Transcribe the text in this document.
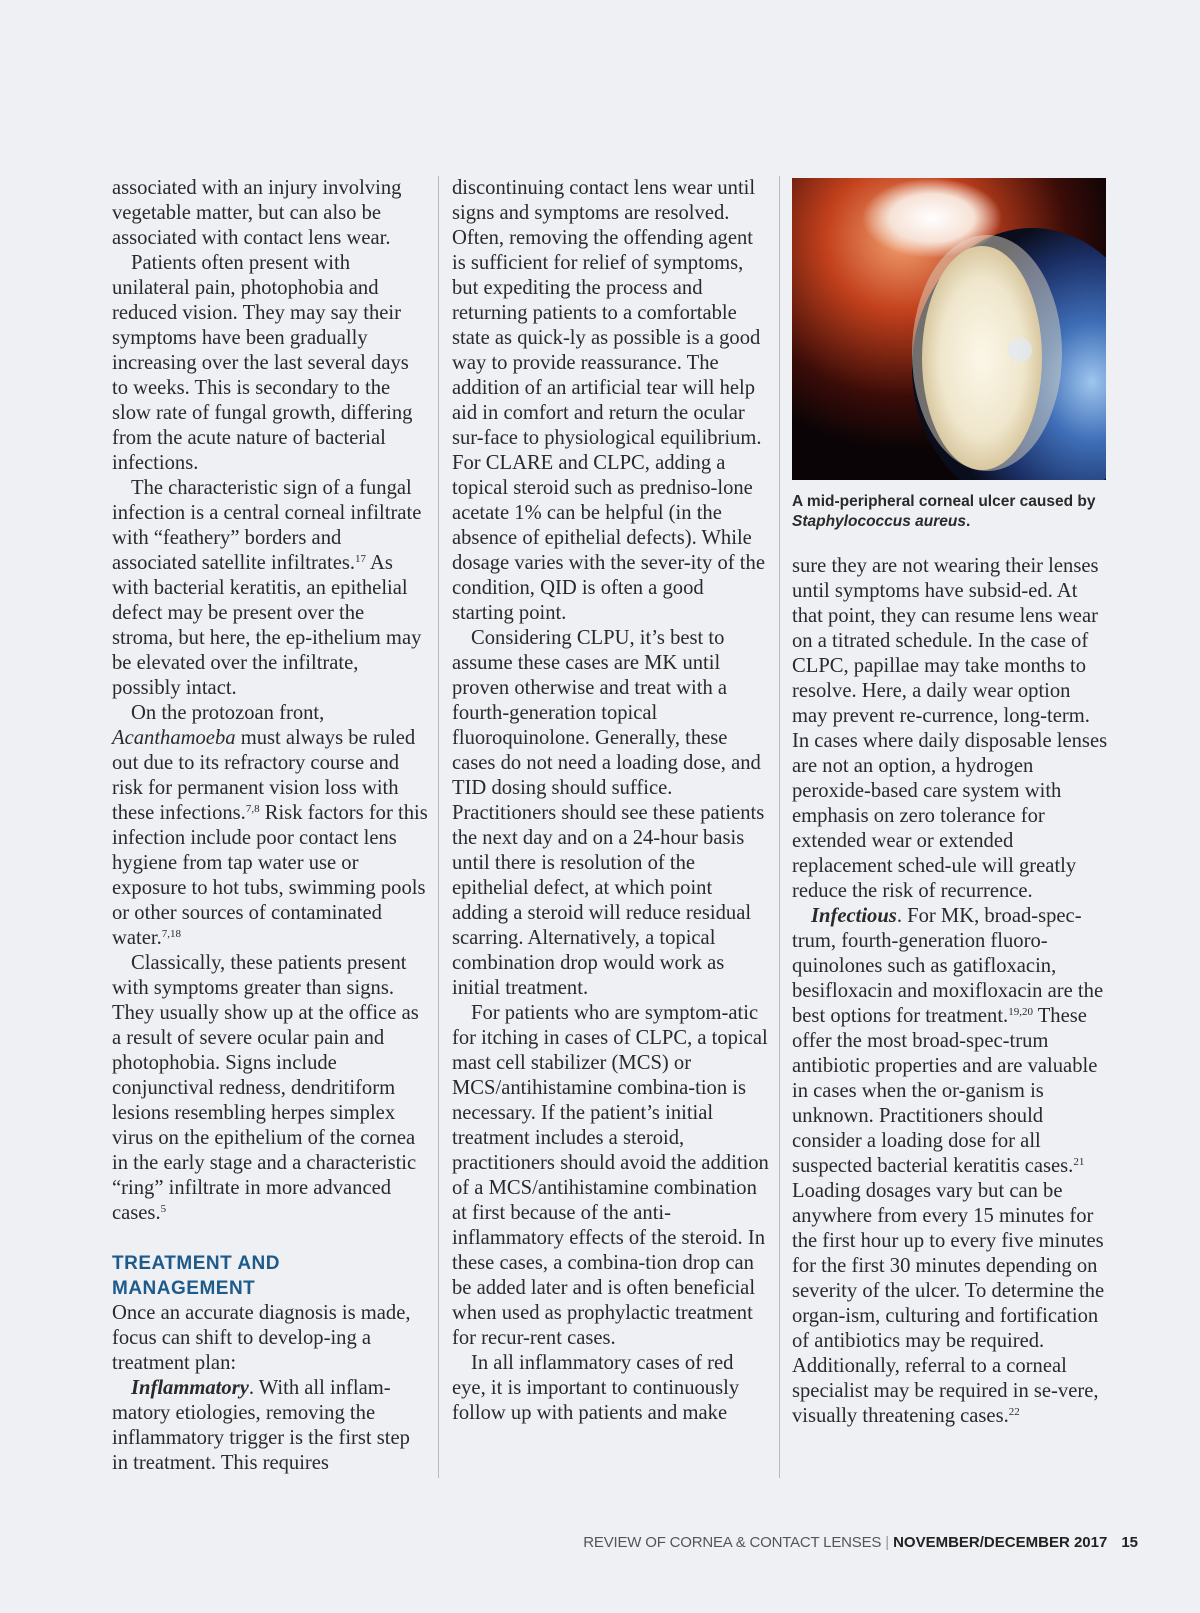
associated with an injury involving vegetable matter, but can also be associated with contact lens wear.

Patients often present with unilateral pain, photophobia and reduced vision. They may say their symptoms have been gradually increasing over the last several days to weeks. This is secondary to the slow rate of fungal growth, differing from the acute nature of bacterial infections.

The characteristic sign of a fungal infection is a central corneal infiltrate with “feathery” borders and associated satellite infiltrates.$^{17}$ As with bacterial keratitis, an epithelial defect may be present over the stroma, but here, the ep-ithelium may be elevated over the infiltrate, possibly intact.

On the protozoan front, Acanthamoeba must always be ruled out due to its refractory course and risk for permanent vision loss with these infections.$^{7,8}$ Risk factors for this infection include poor contact lens hygiene from tap water use or exposure to hot tubs, swimming pools or other sources of contaminated water.$^{7,18}$

Classically, these patients present with symptoms greater than signs. They usually show up at the office as a result of severe ocular pain and photophobia. Signs include conjunctival redness, dendritiform lesions resembling herpes simplex virus on the epithelium of the cornea in the early stage and a characteristic “ring” infiltrate in more advanced cases.$^5$

TREATMENT AND MANAGEMENT

Once an accurate diagnosis is made, focus can shift to develop-ing a treatment plan:

Inflammatory. With all inflam-matory etiologies, removing the inflammatory trigger is the first step in treatment. This requires

discontinuing contact lens wear until signs and symptoms are resolved. Often, removing the offending agent is sufficient for relief of symptoms, but expediting the process and returning patients to a comfortable state as quick-ly as possible is a good way to provide reassurance. The addition of an artificial tear will help aid in comfort and return the ocular sur-face to physiological equilibrium. For CLARE and CLPC, adding a topical steroid such as predniso-lone acetate 1% can be helpful (in the absence of epithelial defects). While dosage varies with the sever-ity of the condition, QID is often a good starting point.

Considering CLPU, it’s best to assume these cases are MK until proven otherwise and treat with a fourth-generation topical fluoroquinolone. Generally, these cases do not need a loading dose, and TID dosing should suffice. Practitioners should see these patients the next day and on a 24-hour basis until there is resolution of the epithelial defect, at which point adding a steroid will reduce residual scarring. Alternatively, a topical combination drop would work as initial treatment.

For patients who are symptom-atic for itching in cases of CLPC, a topical mast cell stabilizer (MCS) or MCS/antihistamine combina-tion is necessary. If the patient’s initial treatment includes a steroid, practitioners should avoid the addition of a MCS/antihistamine combination at first because of the anti-inflammatory effects of the steroid. In these cases, a combina-tion drop can be added later and is often beneficial when used as prophylactic treatment for recur-rent cases.

In all inflammatory cases of red eye, it is important to continuously follow up with patients and make

A mid-peripheral corneal ulcer caused by Staphylococcus aureus.

sure they are not wearing their lenses until symptoms have subsid-ed. At that point, they can resume lens wear on a titrated schedule. In the case of CLPC, papillae may take months to resolve. Here, a daily wear option may prevent re-currence, long-term. In cases where daily disposable lenses are not an option, a hydrogen peroxide-based care system with emphasis on zero tolerance for extended wear or extended replacement sched-ule will greatly reduce the risk of recurrence.

Infectious. For MK, broad-spec-trum, fourth-generation fluoro-quinolones such as gatifloxacin, besifloxacin and moxifloxacin are the best options for treatment.$^{19,20}$ These offer the most broad-spec-trum antibiotic properties and are valuable in cases when the or-ganism is unknown. Practitioners should consider a loading dose for all suspected bacterial keratitis cases.$^{21}$ Loading dosages vary but can be anywhere from every 15 minutes for the first hour up to every five minutes for the first 30 minutes depending on severity of the ulcer. To determine the organ-ism, culturing and fortification of antibiotics may be required. Additionally, referral to a corneal specialist may be required in se-vere, visually threatening cases.$^{22}$

REVIEW OF CORNEA & CONTACT LENSES | NOVEMBER/DECEMBER 2017 15
